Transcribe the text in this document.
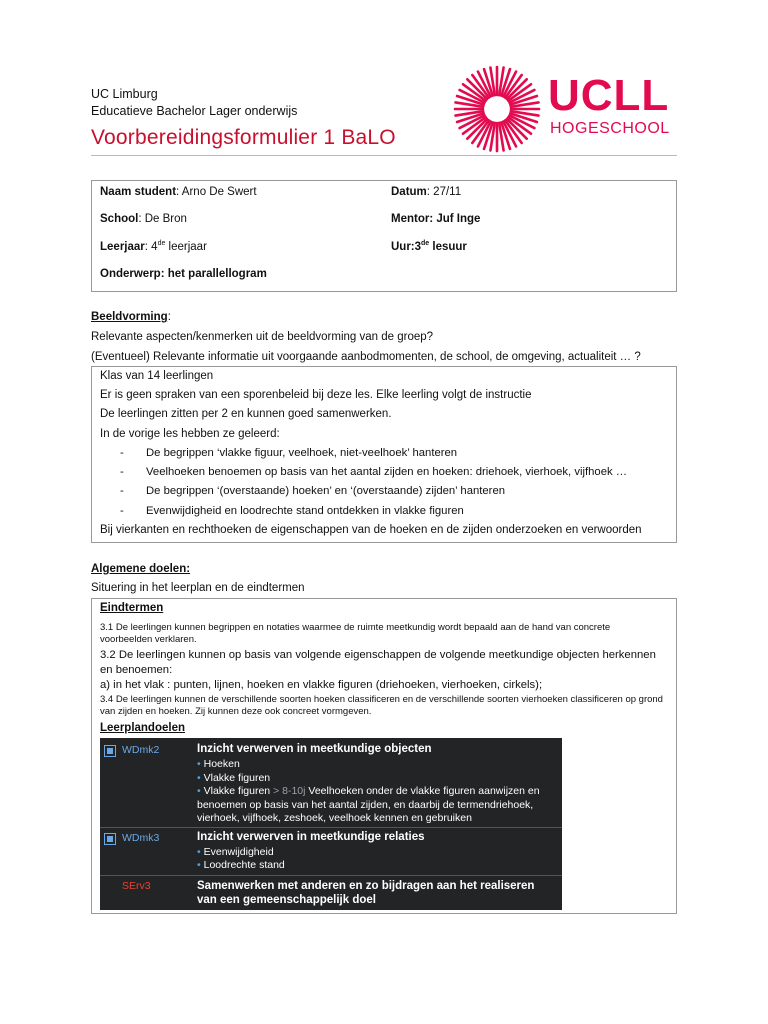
UC Limburg
Educatieve Bachelor Lager onderwijs
Voorbereidingsformulier 1 BaLO
UCLL
HOGESCHOOL
Naam student: Arno De Swert	Datum: 27/11
School: De Bron	Mentor: Juf Inge
Leerjaar: 4de leerjaar	Uur:3de lesuur
Onderwerp: het parallellogram
Beeldvorming:
Relevante aspecten/kenmerken uit de beeldvorming van de groep?
(Eventueel) Relevante informatie uit voorgaande aanbodmomenten, de school, de omgeving, actualiteit … ?
Klas van 14 leerlingen
Er is geen spraken van een sporenbeleid bij deze les. Elke leerling volgt de instructie
De leerlingen zitten per 2 en kunnen goed samenwerken.
In de vorige les hebben ze geleerd:
- De begrippen ‘vlakke figuur, veelhoek, niet-veelhoek’ hanteren
- Veelhoeken benoemen op basis van het aantal zijden en hoeken: driehoek, vierhoek, vijfhoek …
- De begrippen ‘(overstaande) hoeken’ en ‘(overstaande) zijden’ hanteren
- Evenwijdigheid en loodrechte stand ontdekken in vlakke figuren
Bij vierkanten en rechthoeken de eigenschappen van de hoeken en de zijden onderzoeken en verwoorden
Algemene doelen:
Situering in het leerplan en de eindtermen
Eindtermen
3.1 De leerlingen kunnen begrippen en notaties waarmee de ruimte meetkundig wordt bepaald aan de hand van concrete voorbeelden verklaren.
3.2 De leerlingen kunnen op basis van volgende eigenschappen de volgende meetkundige objecten herkennen en benoemen:
a) in het vlak : punten, lijnen, hoeken en vlakke figuren (driehoeken, vierhoeken, cirkels);
3.4 De leerlingen kunnen de verschillende soorten hoeken classificeren en de verschillende soorten vierhoeken classificeren op grond van zijden en hoeken. Zij kunnen deze ook concreet vormgeven.
Leerplandoelen
WDmk2	Inzicht verwerven in meetkundige objecten
• Hoeken
• Vlakke figuren
• Vlakke figuren > 8-10j Veelhoeken onder de vlakke figuren aanwijzen en benoemen op basis van het aantal zijden, en daarbij de termendriehoek, vierhoek, vijfhoek, zeshoek, veelhoek kennen en gebruiken
WDmk3	Inzicht verwerven in meetkundige relaties
• Evenwijdigheid
• Loodrechte stand
SErv3	Samenwerken met anderen en zo bijdragen aan het realiseren van een gemeenschappelijk doel
